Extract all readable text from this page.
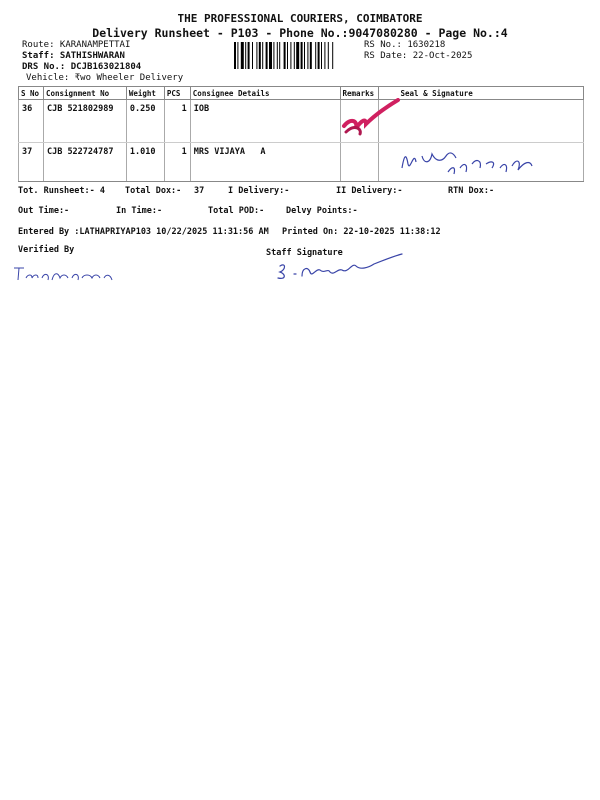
THE PROFESSIONAL COURIERS, COIMBATORE
Delivery Runsheet - P103 - Phone No.:9047080280 - Page No.:4
Route: KARANAMPETTAI
Staff: SATHISHWARAN
DRS No.: DCJB163021804
Vehicle: ₹wo Wheeler Delivery
RS No.: 1630218
RS Date: 22-Oct-2025
S No	Consignment No	Weight	PCS	Consignee Details	Remarks	Seal & Signature
36	CJB 521802989	0.250	1	IOB		
37	CJB 522724787	1.010	1	MRS VIJAYA   A		
Tot. Runsheet:- 4 Total Dox:- 37	I Delivery:-	II Delivery:-	RTN Dox:-
Out Time:-	In Time:-	Total POD:-	Delvy Points:-
Entered By :LATHAPRIYAP103 10/22/2025 11:31:56 AM Printed On: 22-10-2025 11:38:12
Verified By	Staff Signature
